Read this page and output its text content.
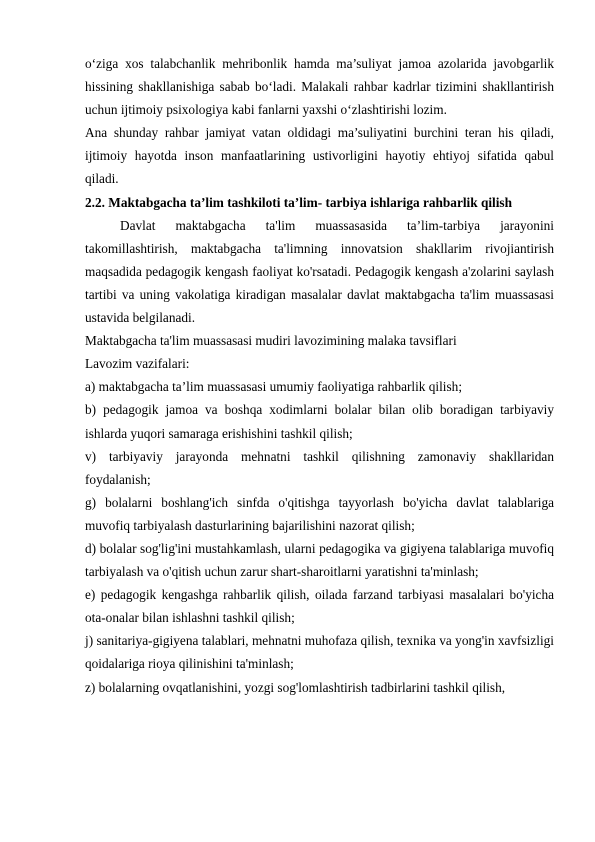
o‘ziga xos talabchanlik mehribonlik hamda ma’suliyat jamoa azolarida javobgarlik hissining shakllanishiga sabab bo‘ladi. Malakali rahbar kadrlar tizimini shakllantirish uchun ijtimoiy psixologiya kabi fanlarni yaxshi o‘zlashtirishi lozim.

Ana shunday rahbar jamiyat vatan oldidagi ma’suliyatini burchini teran his qiladi, ijtimoiy hayotda inson manfaatlarining ustivorligini hayotiy ehtiyoj sifatida qabul qiladi.

2.2. Maktabgacha ta’lim tashkiloti ta’lim- tarbiya ishlariga rahbarlik qilish

Davlat maktabgacha ta'lim muassasasida ta’lim-tarbiya jarayonini takomillashtirish, maktabgacha ta'limning innovatsion shakllarim rivojiantirish maqsadida pedagogik kengash faoliyat ko'rsatadi. Pedagogik kengash a'zolarini saylash tartibi va uning vakolatiga kiradigan masalalar davlat maktabgacha ta'lim muassasasi ustavida belgilanadi.

Maktabgacha ta'lim muassasasi mudiri lavozimining malaka tavsiflari

Lavozim vazifalari:

a) maktabgacha ta’lim muassasasi umumiy faoliyatiga rahbarlik qilish;

b) pedagogik jamoa va boshqa xodimlarni bolalar bilan olib boradigan tarbiyaviy ishlarda yuqori samaraga erishishini tashkil qilish;

v) tarbiyaviy jarayonda mehnatni tashkil qilishning zamonaviy shakllaridan foydalanish;

g) bolalarni boshlang'ich sinfda o'qitishga tayyorlash bo'yicha davlat talablariga muvofiq tarbiyalash dasturlarining bajarilishini nazorat qilish;

d) bolalar sog'lig'ini mustahkamlash, ularni pedagogika va gigiyena talablariga muvofiq tarbiyalash va o'qitish uchun zarur shart-sharoitlarni yaratishni ta'minlash;

e) pedagogik kengashga rahbarlik qilish, oilada farzand tarbiyasi masalalari bo'yicha ota-onalar bilan ishlashni tashkil qilish;

j) sanitariya-gigiyena talablari, mehnatni muhofaza qilish, texnika va yong'in xavfsizligi qoidalariga rioya qilinishini ta'minlash;

z) bolalarning ovqatlanishini, yozgi sog'lomlashtirish tadbirlarini tashkil qilish,
